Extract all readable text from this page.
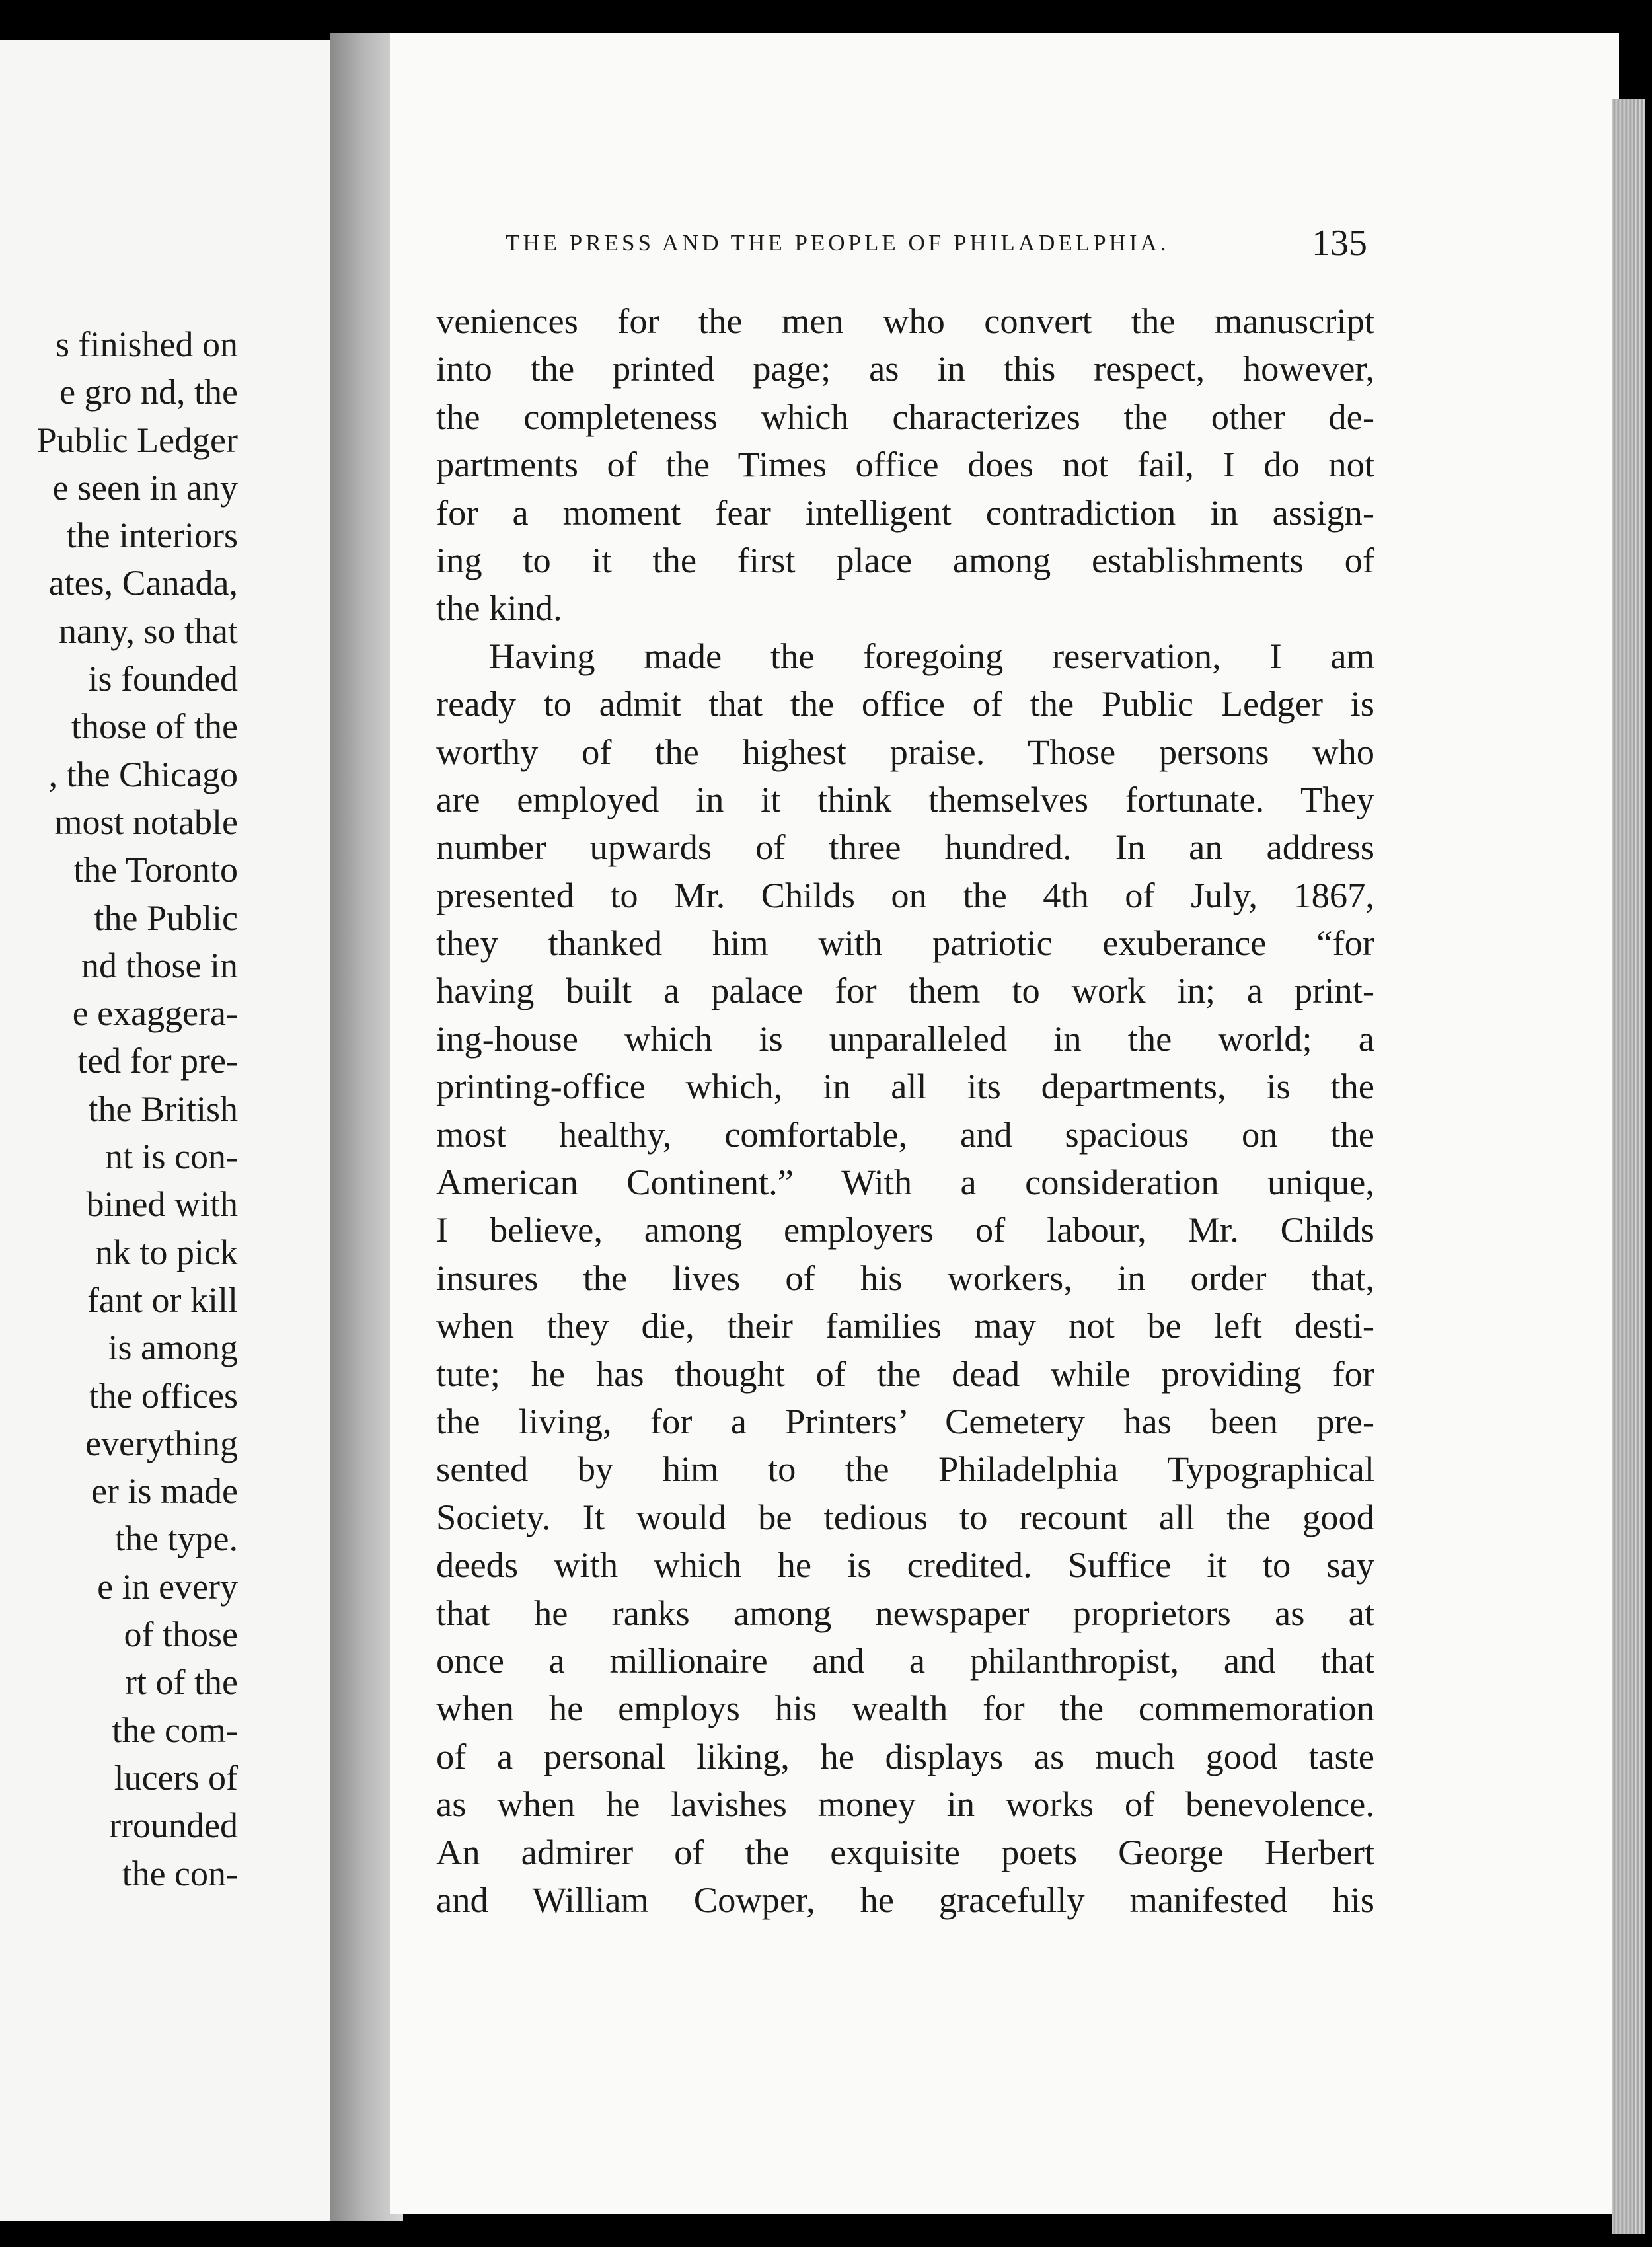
s finished on
e gro nd, the
Public Ledger
e seen in any
the interiors
ates, Canada,
nany, so that
is founded
those of the
, the Chicago
most notable
the Toronto
the Public
nd those in
e exaggera-
ted for pre-
the British
nt is con-
bined with
nk to pick
fant or kill
is among
the offices
everything
er is made
the type.
e in every
of those
rt of the
the com-
lucers of
rrounded
the con-
THE PRESS AND THE PEOPLE OF PHILADELPHIA.	135
veniences for the men who convert the manuscript
into the printed page; as in this respect, however,
the completeness which characterizes the other de-
partments of the Times office does not fail, I do not
for a moment fear intelligent contradiction in assign-
ing to it the first place among establishments of
the kind.
Having made the foregoing reservation, I am
ready to admit that the office of the Public Ledger is
worthy of the highest praise. Those persons who
are employed in it think themselves fortunate. They
number upwards of three hundred. In an address
presented to Mr. Childs on the 4th of July, 1867,
they thanked him with patriotic exuberance “for
having built a palace for them to work in; a print-
ing-house which is unparalleled in the world; a
printing-office which, in all its departments, is the
most healthy, comfortable, and spacious on the
American Continent.” With a consideration unique,
I believe, among employers of labour, Mr. Childs
insures the lives of his workers, in order that,
when they die, their families may not be left desti-
tute; he has thought of the dead while providing for
the living, for a Printers’ Cemetery has been pre-
sented by him to the Philadelphia Typographical
Society. It would be tedious to recount all the good
deeds with which he is credited. Suffice it to say
that he ranks among newspaper proprietors as at
once a millionaire and a philanthropist, and that
when he employs his wealth for the commemoration
of a personal liking, he displays as much good taste
as when he lavishes money in works of benevolence.
An admirer of the exquisite poets George Herbert
and William Cowper, he gracefully manifested his
